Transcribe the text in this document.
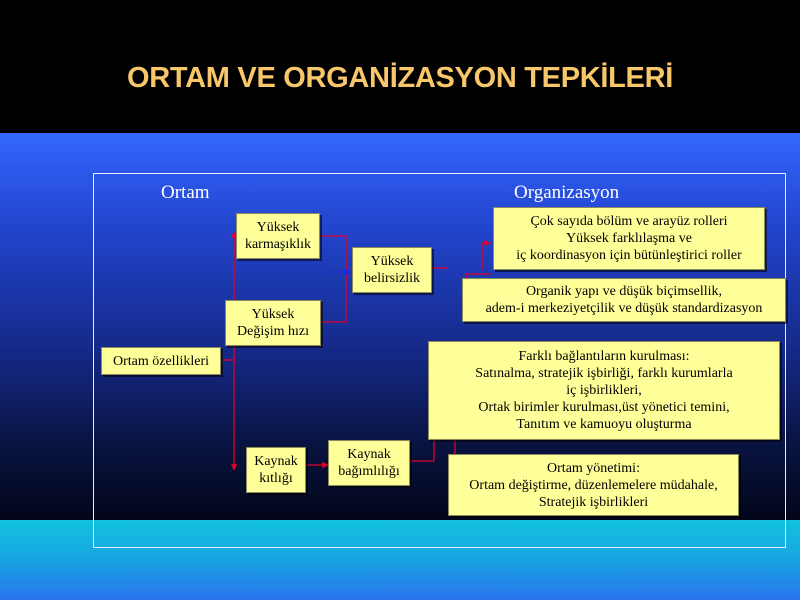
ORTAM VE ORGANİZASYON TEPKİLERİ
Ortam	Organizasyon
Ortam özellikleri
Yüksek
karmaşıklık
Yüksek
Değişim hızı
Yüksek
belirsizlik
Kaynak
kıtlığı
Kaynak
bağımlılığı
Çok sayıda bölüm ve arayüz rolleri
Yüksek farklılaşma ve
iç koordinasyon için bütünleştirici roller
Organik yapı ve düşük biçimsellik,
adem-i merkeziyetçilik ve düşük standardizasyon
Farklı bağlantıların kurulması:
Satınalma, stratejik işbirliği, farklı kurumlarla
iç işbirlikleri,
Ortak birimler kurulması,üst yönetici temini,
Tanıtım ve kamuoyu oluşturma
Ortam yönetimi:
Ortam değiştirme, düzenlemelere müdahale,
Stratejik işbirlikleri
